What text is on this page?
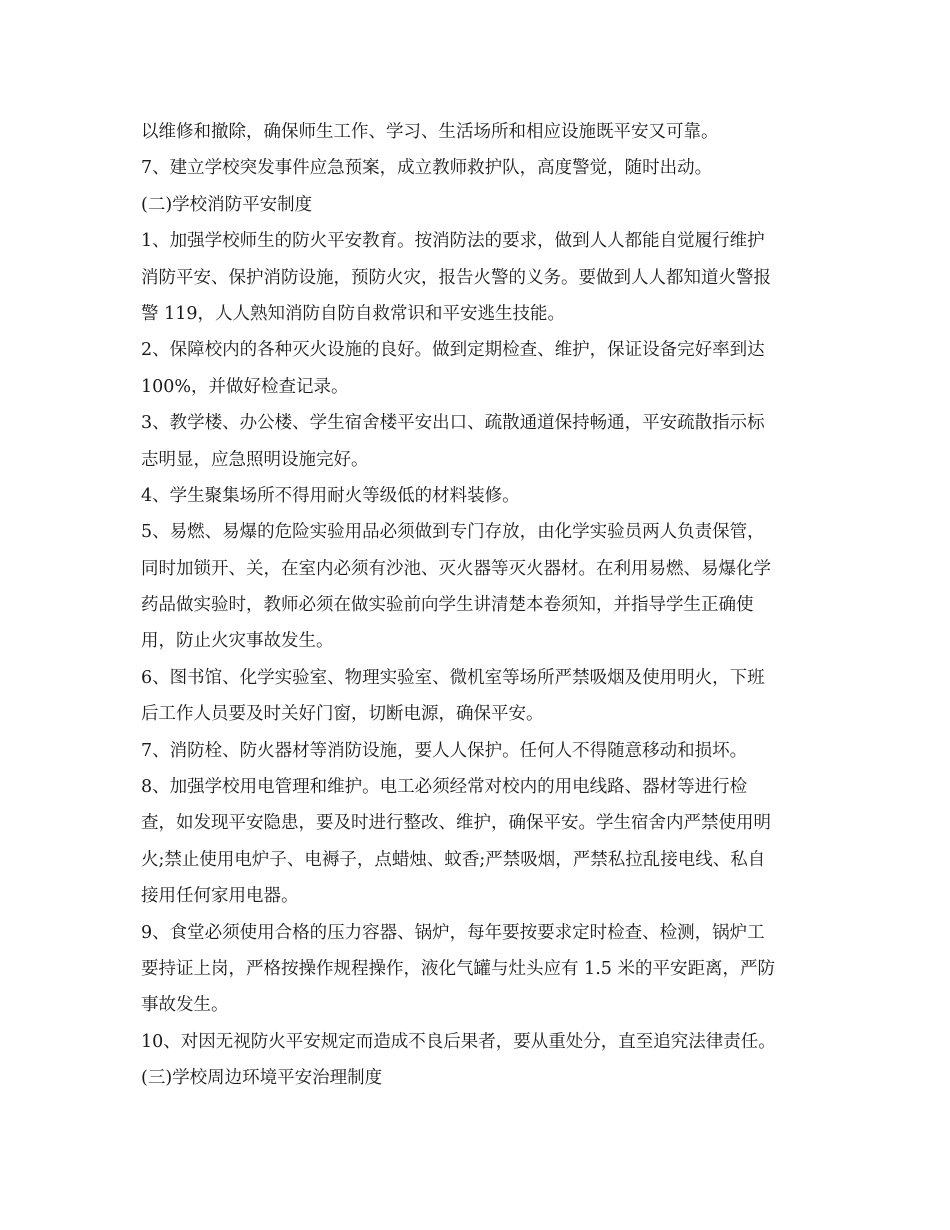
以维修和撤除，确保师生工作、学习、生活场所和相应设施既平安又可靠。
7、建立学校突发事件应急预案，成立教师救护队，高度警觉，随时出动。
(二)学校消防平安制度
1、加强学校师生的防火平安教育。按消防法的要求，做到人人都能自觉履行维护
消防平安、保护消防设施，预防火灾，报告火警的义务。要做到人人都知道火警报
警 119，人人熟知消防自防自救常识和平安逃生技能。
2、保障校内的各种灭火设施的良好。做到定期检查、维护，保证设备完好率到达
100%，并做好检查记录。
3、教学楼、办公楼、学生宿舍楼平安出口、疏散通道保持畅通，平安疏散指示标
志明显，应急照明设施完好。
4、学生聚集场所不得用耐火等级低的材料装修。
5、易燃、易爆的危险实验用品必须做到专门存放，由化学实验员两人负责保管，
同时加锁开、关，在室内必须有沙池、灭火器等灭火器材。在利用易燃、易爆化学
药品做实验时，教师必须在做实验前向学生讲清楚本卷须知，并指导学生正确使
用，防止火灾事故发生。
6、图书馆、化学实验室、物理实验室、微机室等场所严禁吸烟及使用明火，下班
后工作人员要及时关好门窗，切断电源，确保平安。
7、消防栓、防火器材等消防设施，要人人保护。任何人不得随意移动和损坏。
8、加强学校用电管理和维护。电工必须经常对校内的用电线路、器材等进行检
查，如发现平安隐患，要及时进行整改、维护，确保平安。学生宿舍内严禁使用明
火;禁止使用电炉子、电褥子，点蜡烛、蚊香;严禁吸烟，严禁私拉乱接电线、私自
接用任何家用电器。
9、食堂必须使用合格的压力容器、锅炉，每年要按要求定时检查、检测，锅炉工
要持证上岗，严格按操作规程操作，液化气罐与灶头应有 1.5 米的平安距离，严防
事故发生。
10、对因无视防火平安规定而造成不良后果者，要从重处分，直至追究法律责任。
(三)学校周边环境平安治理制度
